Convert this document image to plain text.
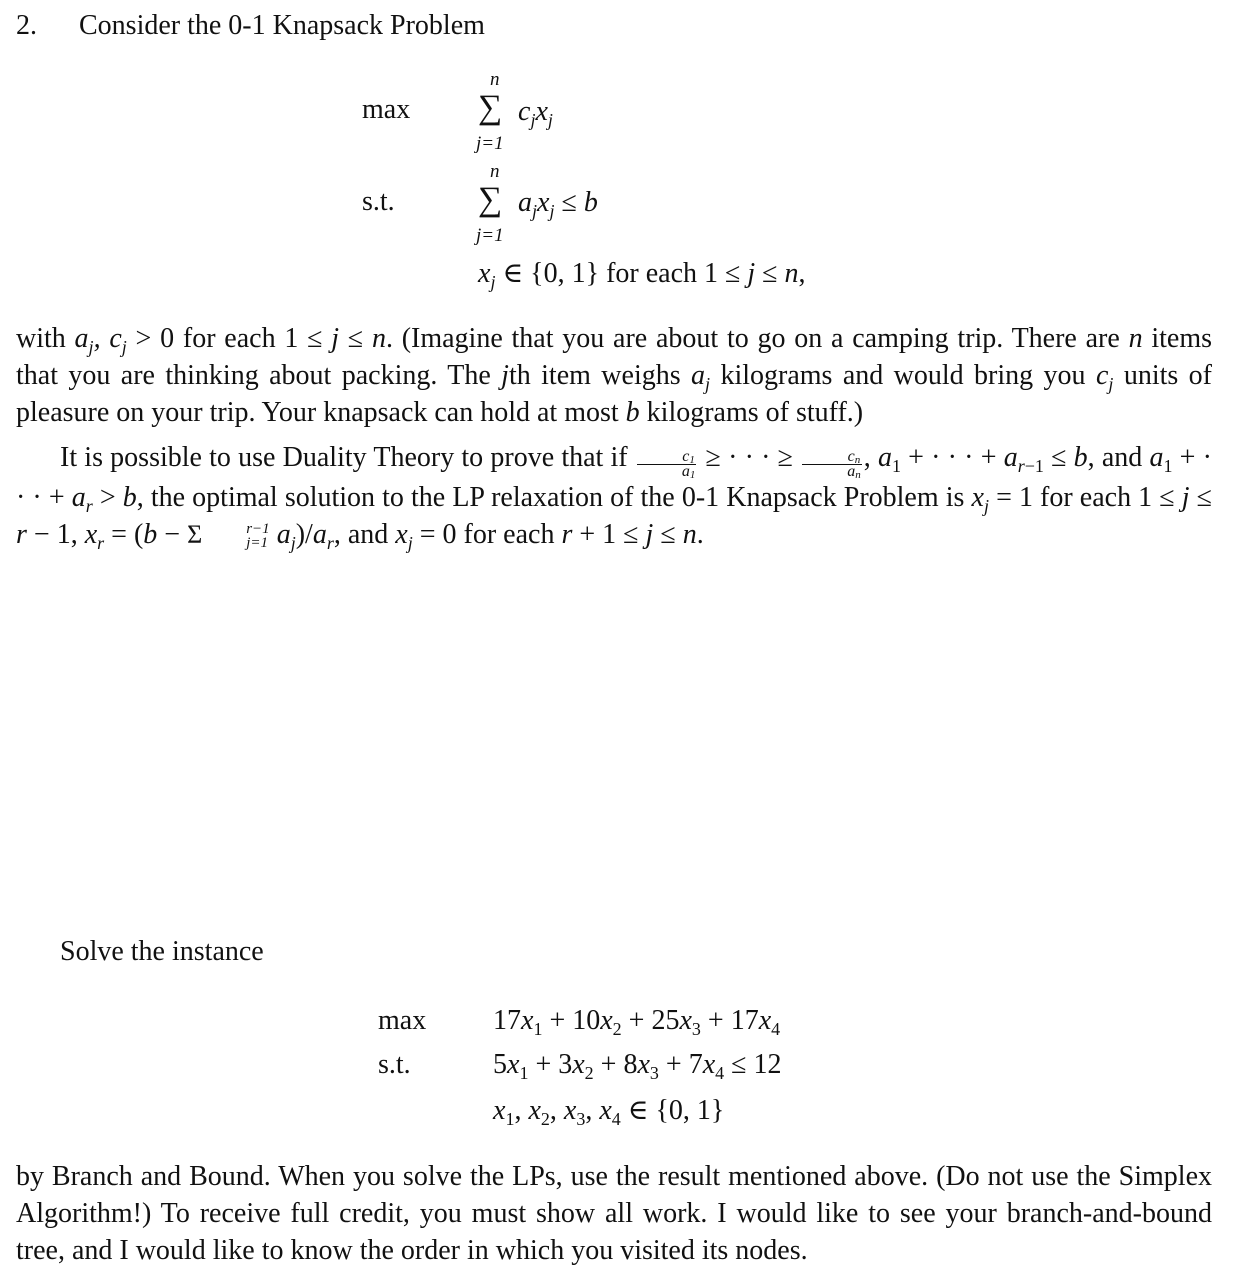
2. Consider the 0-1 Knapsack Problem
max
n
∑
j=1
$c_jx_j$
s.t.
n
∑
j=1
$a_jx_j \le b$
$x_j$ ∈ {0, 1} for each 1 ≤ j ≤ n,
with $a_j$, $c_j > 0$ for each 1 ≤ j ≤ n. (Imagine that you are about to go on a camping trip. There are n items that you are thinking about packing. The jth item weighs $a_j$ kilograms and would bring you $c_j$ units of pleasure on your trip. Your knapsack can hold at most b kilograms of stuff.)
It is possible to use Duality Theory to prove that if $\frac{c_1}{a_1}$ ≥ · · · ≥ $\frac{c_n}{a_n}$ , $a_1$ + · · · + $a_{r-1} \le b$, and $a_1$ + · · · + $a_r > b$, the optimal solution to the LP relaxation of the 0-1 Knapsack Problem is $x_j = 1$ for each 1 ≤ j ≤ r − 1, $x_r = (b - \Sigma$	r−1
j=1 $a_j)/a_r$, and $x_j = 0$ for each r + 1 ≤ j ≤ n.
Solve the instance
$\max 17x_1 + 10x_2 + 25x_3 + 17x_4$
s.t.	$5x_1 + 3x_2 + 8x_3 + 7x_4 \le 12$
$x_1$, $x_2$, $x_3$, $x_4$ ∈ {0, 1}
by Branch and Bound. When you solve the LPs, use the result mentioned above. (Do not use the Simplex Algorithm!) To receive full credit, you must show all work. I would like to see your branch-and-bound tree, and I would like to know the order in which you visited its nodes.
